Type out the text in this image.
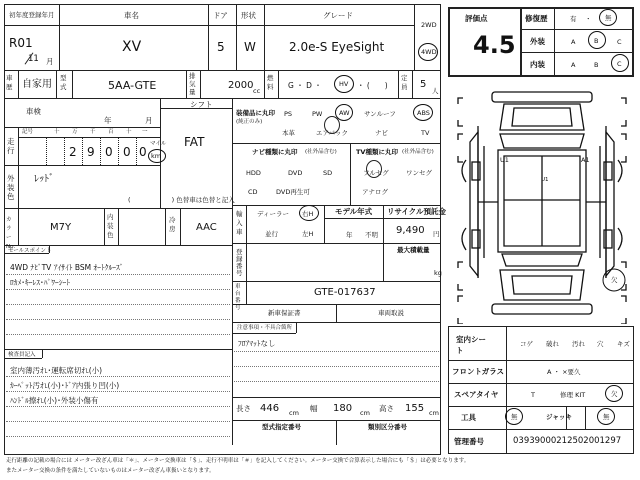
初年度登録年月
R01
11 月
車名
XV
ドア
5
形状
W
グレード
2.0e-S EyeSight
2WD
4WD
車歴 自家用
型式	5AA-GTE
排気量
2000 cc
燃料 G ・ D ・	HV ・ (　　)
定員 5
人
車検
年	月
シフト
FAT
走行
記号	十 万 千 百 十 一
2 9 0 0 0
マイル
km
外装色
ﾚｯﾄﾞ
( 　　　　　　) 色替車は色替と記入
カラーNo.
M7Y
内装色
冷房 AAC
セールスポイント
4WD ﾅﾋﾞTV ｱｲｻｲﾄ BSM ｵｰﾄｸﾙｰｽﾞ
ﾛｶﾒ･ｷｰﾚｽ･ﾊﾟﾜｰｼｰﾄ
検査員記入
室内薄汚れ･運転席切れ(小)
ｶｰﾍﾟｯﾄ汚れ(小)･ﾄﾞｱ内張り凹(小)
ﾊﾝﾄﾞﾙ擦れ(小)･外装小傷有
装備品に丸印
(純正のみ)
PS	PW	AW サンルーフ	ABS
本革	エアバック	ナビ	TV
ナビ種類に丸印 (社外品含む)
HDD	DVD	SD
CD	DVD再生可
TV種類に丸印 (社外品含む)
フルセグ	ワンセグ
アナログ
輸入車
ディーラー 右H
並行	左H
モデル年式
年 不明
リサイクル預託金
9,490 円
登録番号
最大積載量
kg
車台番号
GTE-017637
新車保証書	車両取説
注意事項・不具合箇所
ﾌﾛｱﾏｯﾄなし
長さ 446 cm 幅 180 cm 高さ 155 cm
型式指定番号	類別区分番号
評価点
4.5
修復歴	有 ・ 無
外装	A	B	C
内装	A	B	C
U1	A1
U1
欠
室内シート
コゲ 破れ 汚れ 穴 キズ
フロントガラス	A ・ ×要久
スペアタイヤ	T	修理 KIT	欠
工具	無	ジャッキ	無
管理番号	0393900021250200​1297
走行距離の記載の場合には メーター改ざん車は「＊」、メーター交換車は「＄」、走行不明車は「＃」を記入してください。メーター交換で合算表示した場合にも「＄」は必要となります。
またメーター交換の条件を満たしていないものはメーター改ざん車扱いとなります。
